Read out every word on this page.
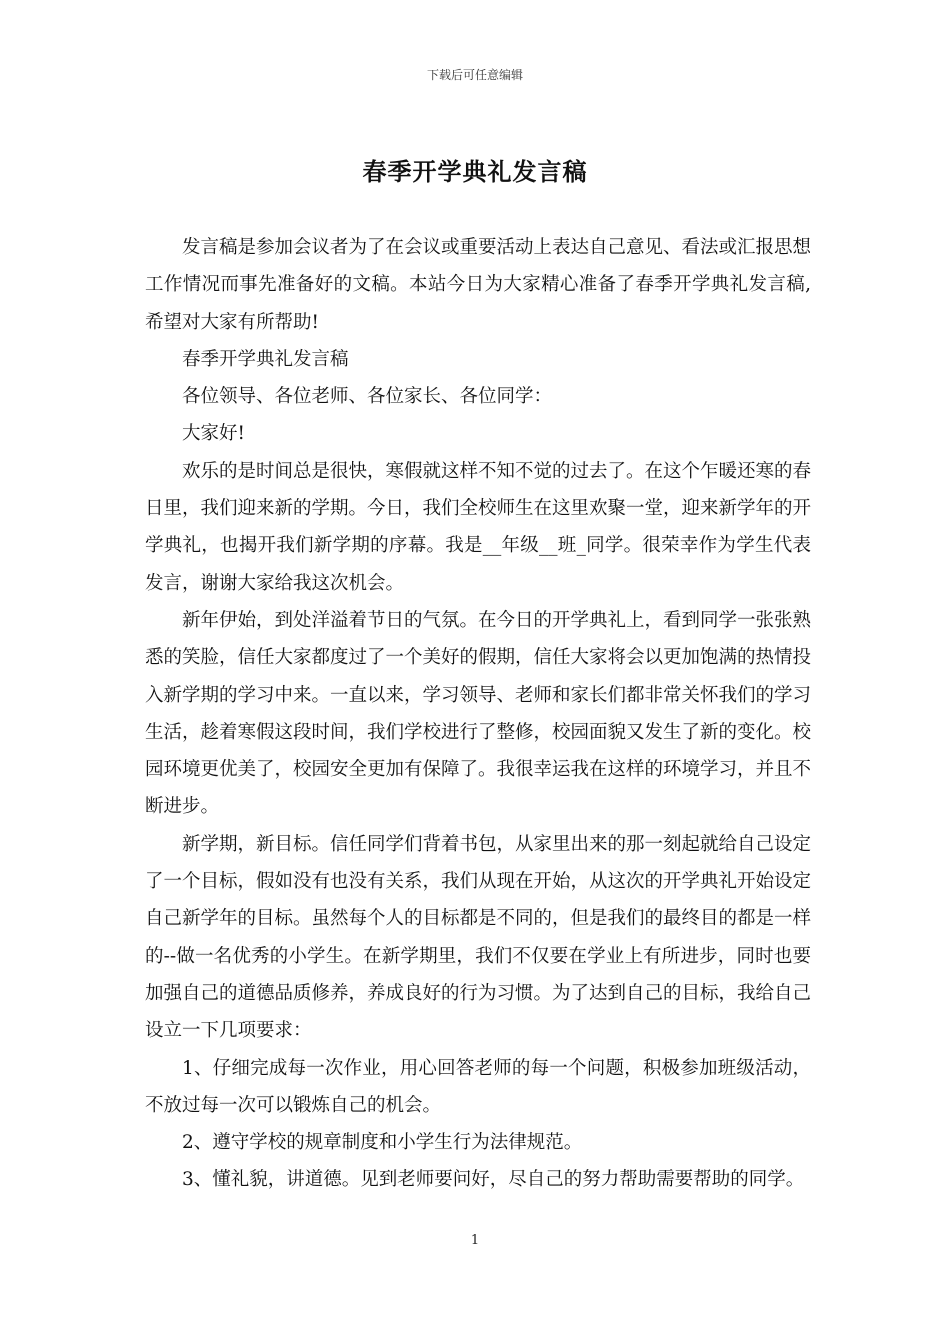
下载后可任意编辑
春季开学典礼发言稿

发言稿是参加会议者为了在会议或重要活动上表达自己意见、看法或汇报思想工作情况而事先准备好的文稿。本站今日为大家精心准备了春季开学典礼发言稿,希望对大家有所帮助!

春季开学典礼发言稿

各位领导、各位老师、各位家长、各位同学：

大家好!

欢乐的是时间总是很快，寒假就这样不知不觉的过去了。在这个乍暖还寒的春日里，我们迎来新的学期。今日，我们全校师生在这里欢聚一堂，迎来新学年的开学典礼，也揭开我们新学期的序幕。我是__年级__班_同学。很荣幸作为学生代表发言，谢谢大家给我这次机会。

新年伊始，到处洋溢着节日的气氛。在今日的开学典礼上，看到同学一张张熟悉的笑脸，信任大家都度过了一个美好的假期，信任大家将会以更加饱满的热情投入新学期的学习中来。一直以来，学习领导、老师和家长们都非常关怀我们的学习生活，趁着寒假这段时间，我们学校进行了整修，校园面貌又发生了新的变化。校园环境更优美了，校园安全更加有保障了。我很幸运我在这样的环境学习，并且不断进步。

新学期，新目标。信任同学们背着书包，从家里出来的那一刻起就给自己设定了一个目标，假如没有也没有关系，我们从现在开始，从这次的开学典礼开始设定自己新学年的目标。虽然每个人的目标都是不同的，但是我们的最终目的都是一样的--做一名优秀的小学生。在新学期里，我们不仅要在学业上有所进步，同时也要加强自己的道德品质修养，养成良好的行为习惯。为了达到自己的目标，我给自己设立一下几项要求：

1、仔细完成每一次作业，用心回答老师的每一个问题，积极参加班级活动，不放过每一次可以锻炼自己的机会。

2、遵守学校的规章制度和小学生行为法律规范。

3、懂礼貌，讲道德。见到老师要问好，尽自己的努力帮助需要帮助的同学。

1
